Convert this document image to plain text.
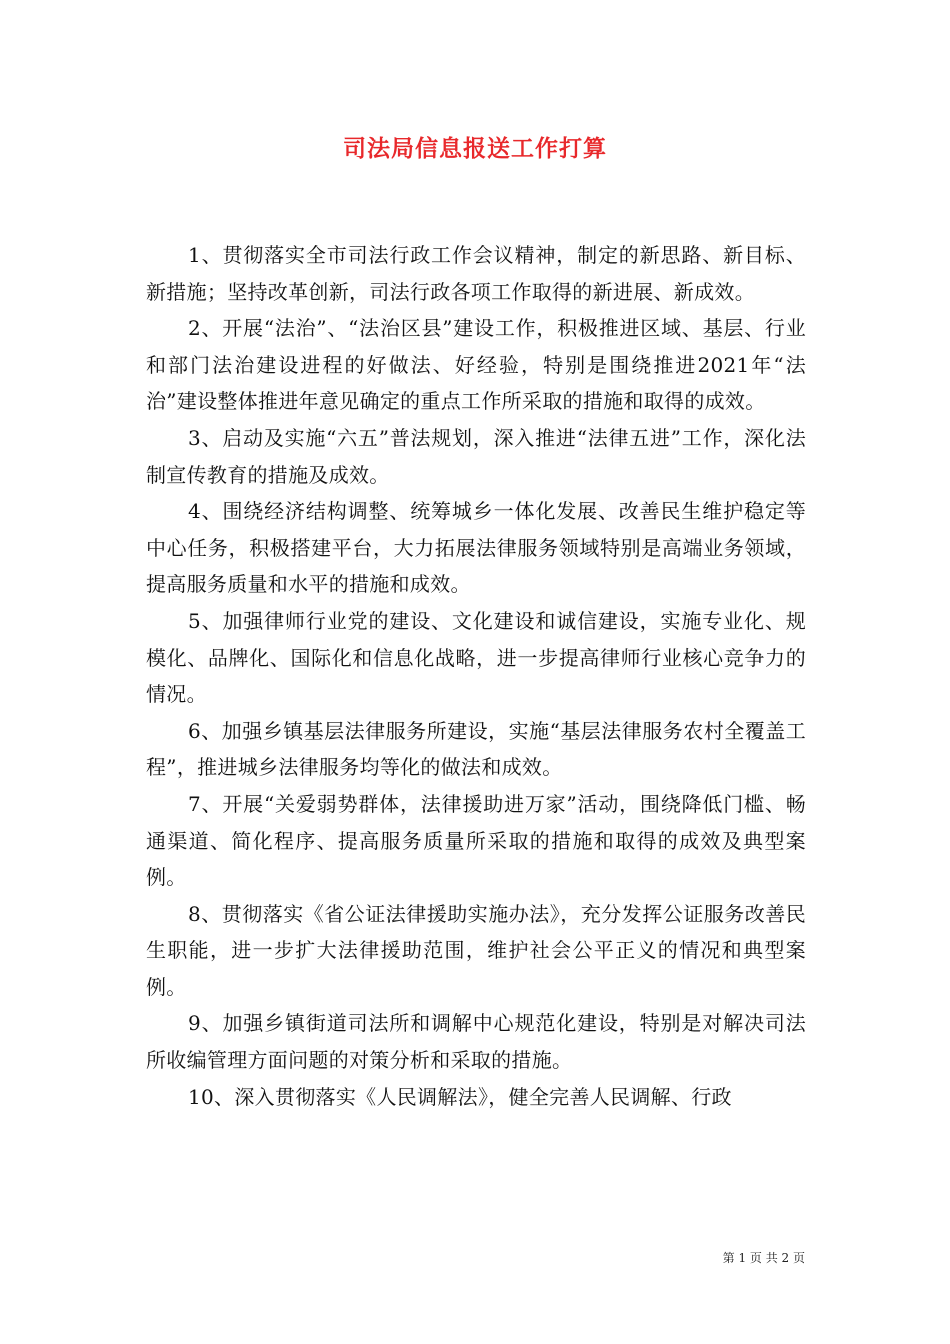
司法局信息报送工作打算

1、贯彻落实全市司法行政工作会议精神，制定的新思路、新目标、新措施；坚持改革创新，司法行政各项工作取得的新进展、新成效。

2、开展“法治”、“法治区县”建设工作，积极推进区域、基层、行业和部门法治建设进程的好做法、好经验，特别是围绕推进2021年“法治”建设整体推进年意见确定的重点工作所采取的措施和取得的成效。

3、启动及实施“六五”普法规划，深入推进“法律五进”工作，深化法制宣传教育的措施及成效。

4、围绕经济结构调整、统筹城乡一体化发展、改善民生维护稳定等中心任务，积极搭建平台，大力拓展法律服务领域特别是高端业务领域，提高服务质量和水平的措施和成效。

5、加强律师行业党的建设、文化建设和诚信建设，实施专业化、规模化、品牌化、国际化和信息化战略，进一步提高律师行业核心竞争力的情况。

6、加强乡镇基层法律服务所建设，实施“基层法律服务农村全覆盖工程”，推进城乡法律服务均等化的做法和成效。

7、开展“关爱弱势群体，法律援助进万家”活动，围绕降低门槛、畅通渠道、简化程序、提高服务质量所采取的措施和取得的成效及典型案例。

8、贯彻落实《省公证法律援助实施办法》，充分发挥公证服务改善民生职能，进一步扩大法律援助范围，维护社会公平正义的情况和典型案例。

9、加强乡镇街道司法所和调解中心规范化建设，特别是对解决司法所收编管理方面问题的对策分析和采取的措施。

10、深入贯彻落实《人民调解法》，健全完善人民调解、行政

第 1 页 共 2 页
